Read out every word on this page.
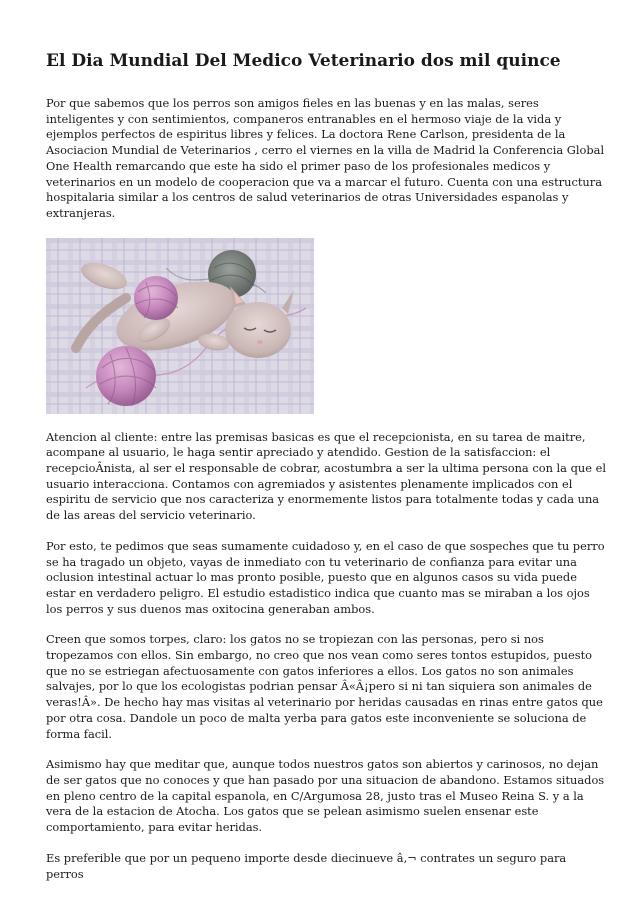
El Dia Mundial Del Medico Veterinario dos mil quince

Por que sabemos que los perros son amigos fieles en las buenas y en las malas, seres inteligentes y con sentimientos, companeros entranables en el hermoso viaje de la vida y ejemplos perfectos de espiritus libres y felices. La doctora Rene Carlson, presidenta de la Asociacion Mundial de Veterinarios , cerro el viernes en la villa de Madrid la Conferencia Global One Health remarcando que este ha sido el primer paso de los profesionales medicos y veterinarios en un modelo de cooperacion que va a marcar el futuro. Cuenta con una estructura hospitalaria similar a los centros de salud veterinarios de otras Universidades espanolas y extranjeras.

Atencion al cliente: entre las premisas basicas es que el recepcionista, en su tarea de maitre, acompane al usuario, le haga sentir apreciado y atendido. Gestion de la satisfaccion: el recepcioÂnista, al ser el responsable de cobrar, acostumbra a ser la ultima persona con la que el usuario interacciona. Contamos con agremiados y asistentes plenamente implicados con el espiritu de servicio que nos caracteriza y enormemente listos para totalmente todas y cada una de las areas del servicio veterinario.

Por esto, te pedimos que seas sumamente cuidadoso y, en el caso de que sospeches que tu perro se ha tragado un objeto, vayas de inmediato con tu veterinario de confianza para evitar una oclusion intestinal actuar lo mas pronto posible, puesto que en algunos casos su vida puede estar en verdadero peligro. El estudio estadistico indica que cuanto mas se miraban a los ojos los perros y sus duenos mas oxitocina generaban ambos.

Creen que somos torpes, claro: los gatos no se tropiezan con las personas, pero si nos tropezamos con ellos. Sin embargo, no creo que nos vean como seres tontos estupidos, puesto que no se estriegan afectuosamente con gatos inferiores a ellos. Los gatos no son animales salvajes, por lo que los ecologistas podrian pensar Â«Â¡pero si ni tan siquiera son animales de veras!Â». De hecho hay mas visitas al veterinario por heridas causadas en rinas entre gatos que por otra cosa. Dandole un poco de malta yerba para gatos este inconveniente se soluciona de forma facil.

Asimismo hay que meditar que, aunque todos nuestros gatos son abiertos y carinosos, no dejan de ser gatos que no conoces y que han pasado por una situacion de abandono. Estamos situados en pleno centro de la capital espanola, en C/Argumosa 28, justo tras el Museo Reina S. y a la vera de la estacion de Atocha. Los gatos que se pelean asimismo suelen ensenar este comportamiento, para evitar heridas.

Es preferible que por un pequeno importe desde diecinueve â‚¬ contrates un seguro para perros
